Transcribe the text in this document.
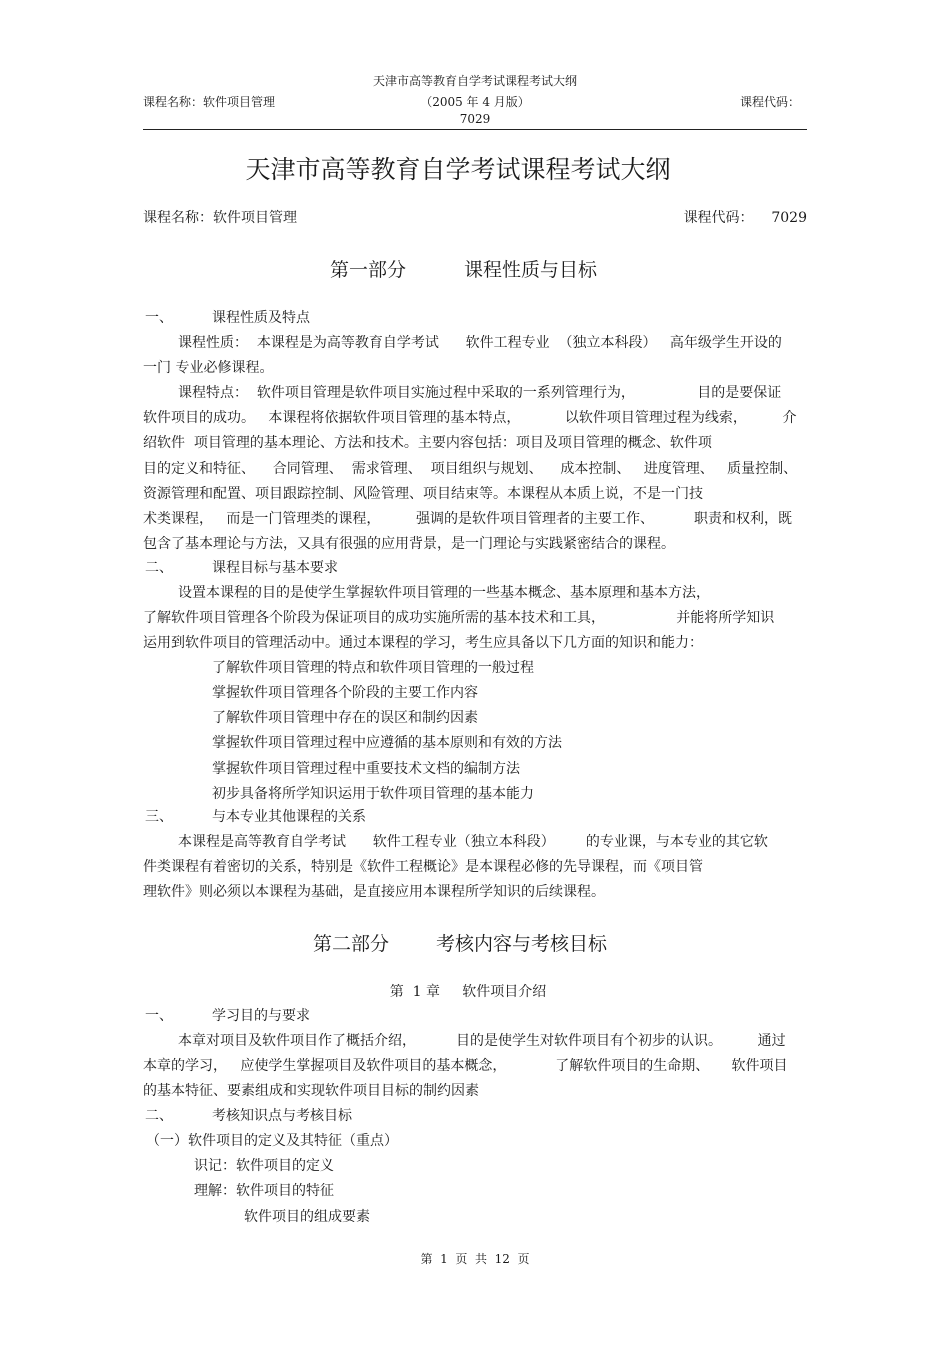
天津市高等教育自学考试课程考试大纲
课程名称：软件项目管理	（2005 年 4 月版）	课程代码：
7029
天津市高等教育自学考试课程考试大纲
课程名称：软件项目管理	课程代码：    7029
第一部分	课程性质与目标
一、	课程性质及特点
课程性质：  本课程是为高等教育自学考试      软件工程专业  （独立本科段）   高年级学生开设的
一门 专业必修课程。
课程特点：  软件项目管理是软件项目实施过程中采取的一系列管理行为，              目的是要保证
软件项目的成功。   本课程将依据软件项目管理的基本特点，          以软件项目管理过程为线索，        介
绍软件  项目管理的基本理论、方法和技术。主要内容包括：项目及项目管理的概念、软件项
目的定义和特征、    合同管理、  需求管理、  项目组织与规划、    成本控制、   进度管理、   质量控制、
资源管理和配置、项目跟踪控制、风险管理、项目结束等。本课程从本质上说，不是一门技
术类课程，   而是一门管理类的课程，        强调的是软件项目管理者的主要工作、         职责和权利，既
包含了基本理论与方法，又具有很强的应用背景，是一门理论与实践紧密结合的课程。
二、	课程目标与基本要求
设置本课程的目的是使学生掌握软件项目管理的一些基本概念、基本原理和基本方法，
了解软件项目管理各个阶段为保证项目的成功实施所需的基本技术和工具，                并能将所学知识
运用到软件项目的管理活动中。通过本课程的学习，考生应具备以下几方面的知识和能力：
了解软件项目管理的特点和软件项目管理的一般过程
掌握软件项目管理各个阶段的主要工作内容
了解软件项目管理中存在的误区和制约因素
掌握软件项目管理过程中应遵循的基本原则和有效的方法
掌握软件项目管理过程中重要技术文档的编制方法
初步具备将所学知识运用于软件项目管理的基本能力
三、	与本专业其他课程的关系
本课程是高等教育自学考试      软件工程专业（独立本科段）       的专业课，与本专业的其它软
件类课程有着密切的关系，特别是《软件工程概论》是本课程必修的先导课程，而《项目管
理软件》则必须以本课程为基础，是直接应用本课程所学知识的后续课程。
第二部分 考核内容与考核目标
第  1 章     软件项目介绍
一、	学习目的与要求
本章对项目及软件项目作了概括介绍，         目的是使学生对软件项目有个初步的认识。        通过
本章的学习，   应使学生掌握项目及软件项目的基本概念，           了解软件项目的生命期、     软件项目
的基本特征、要素组成和实现软件项目目标的制约因素
二、	考核知识点与考核目标
（一）软件项目的定义及其特征（重点）
识记：软件项目的定义
理解：软件项目的特征
软件项目的组成要素
第  1  页  共  12  页
